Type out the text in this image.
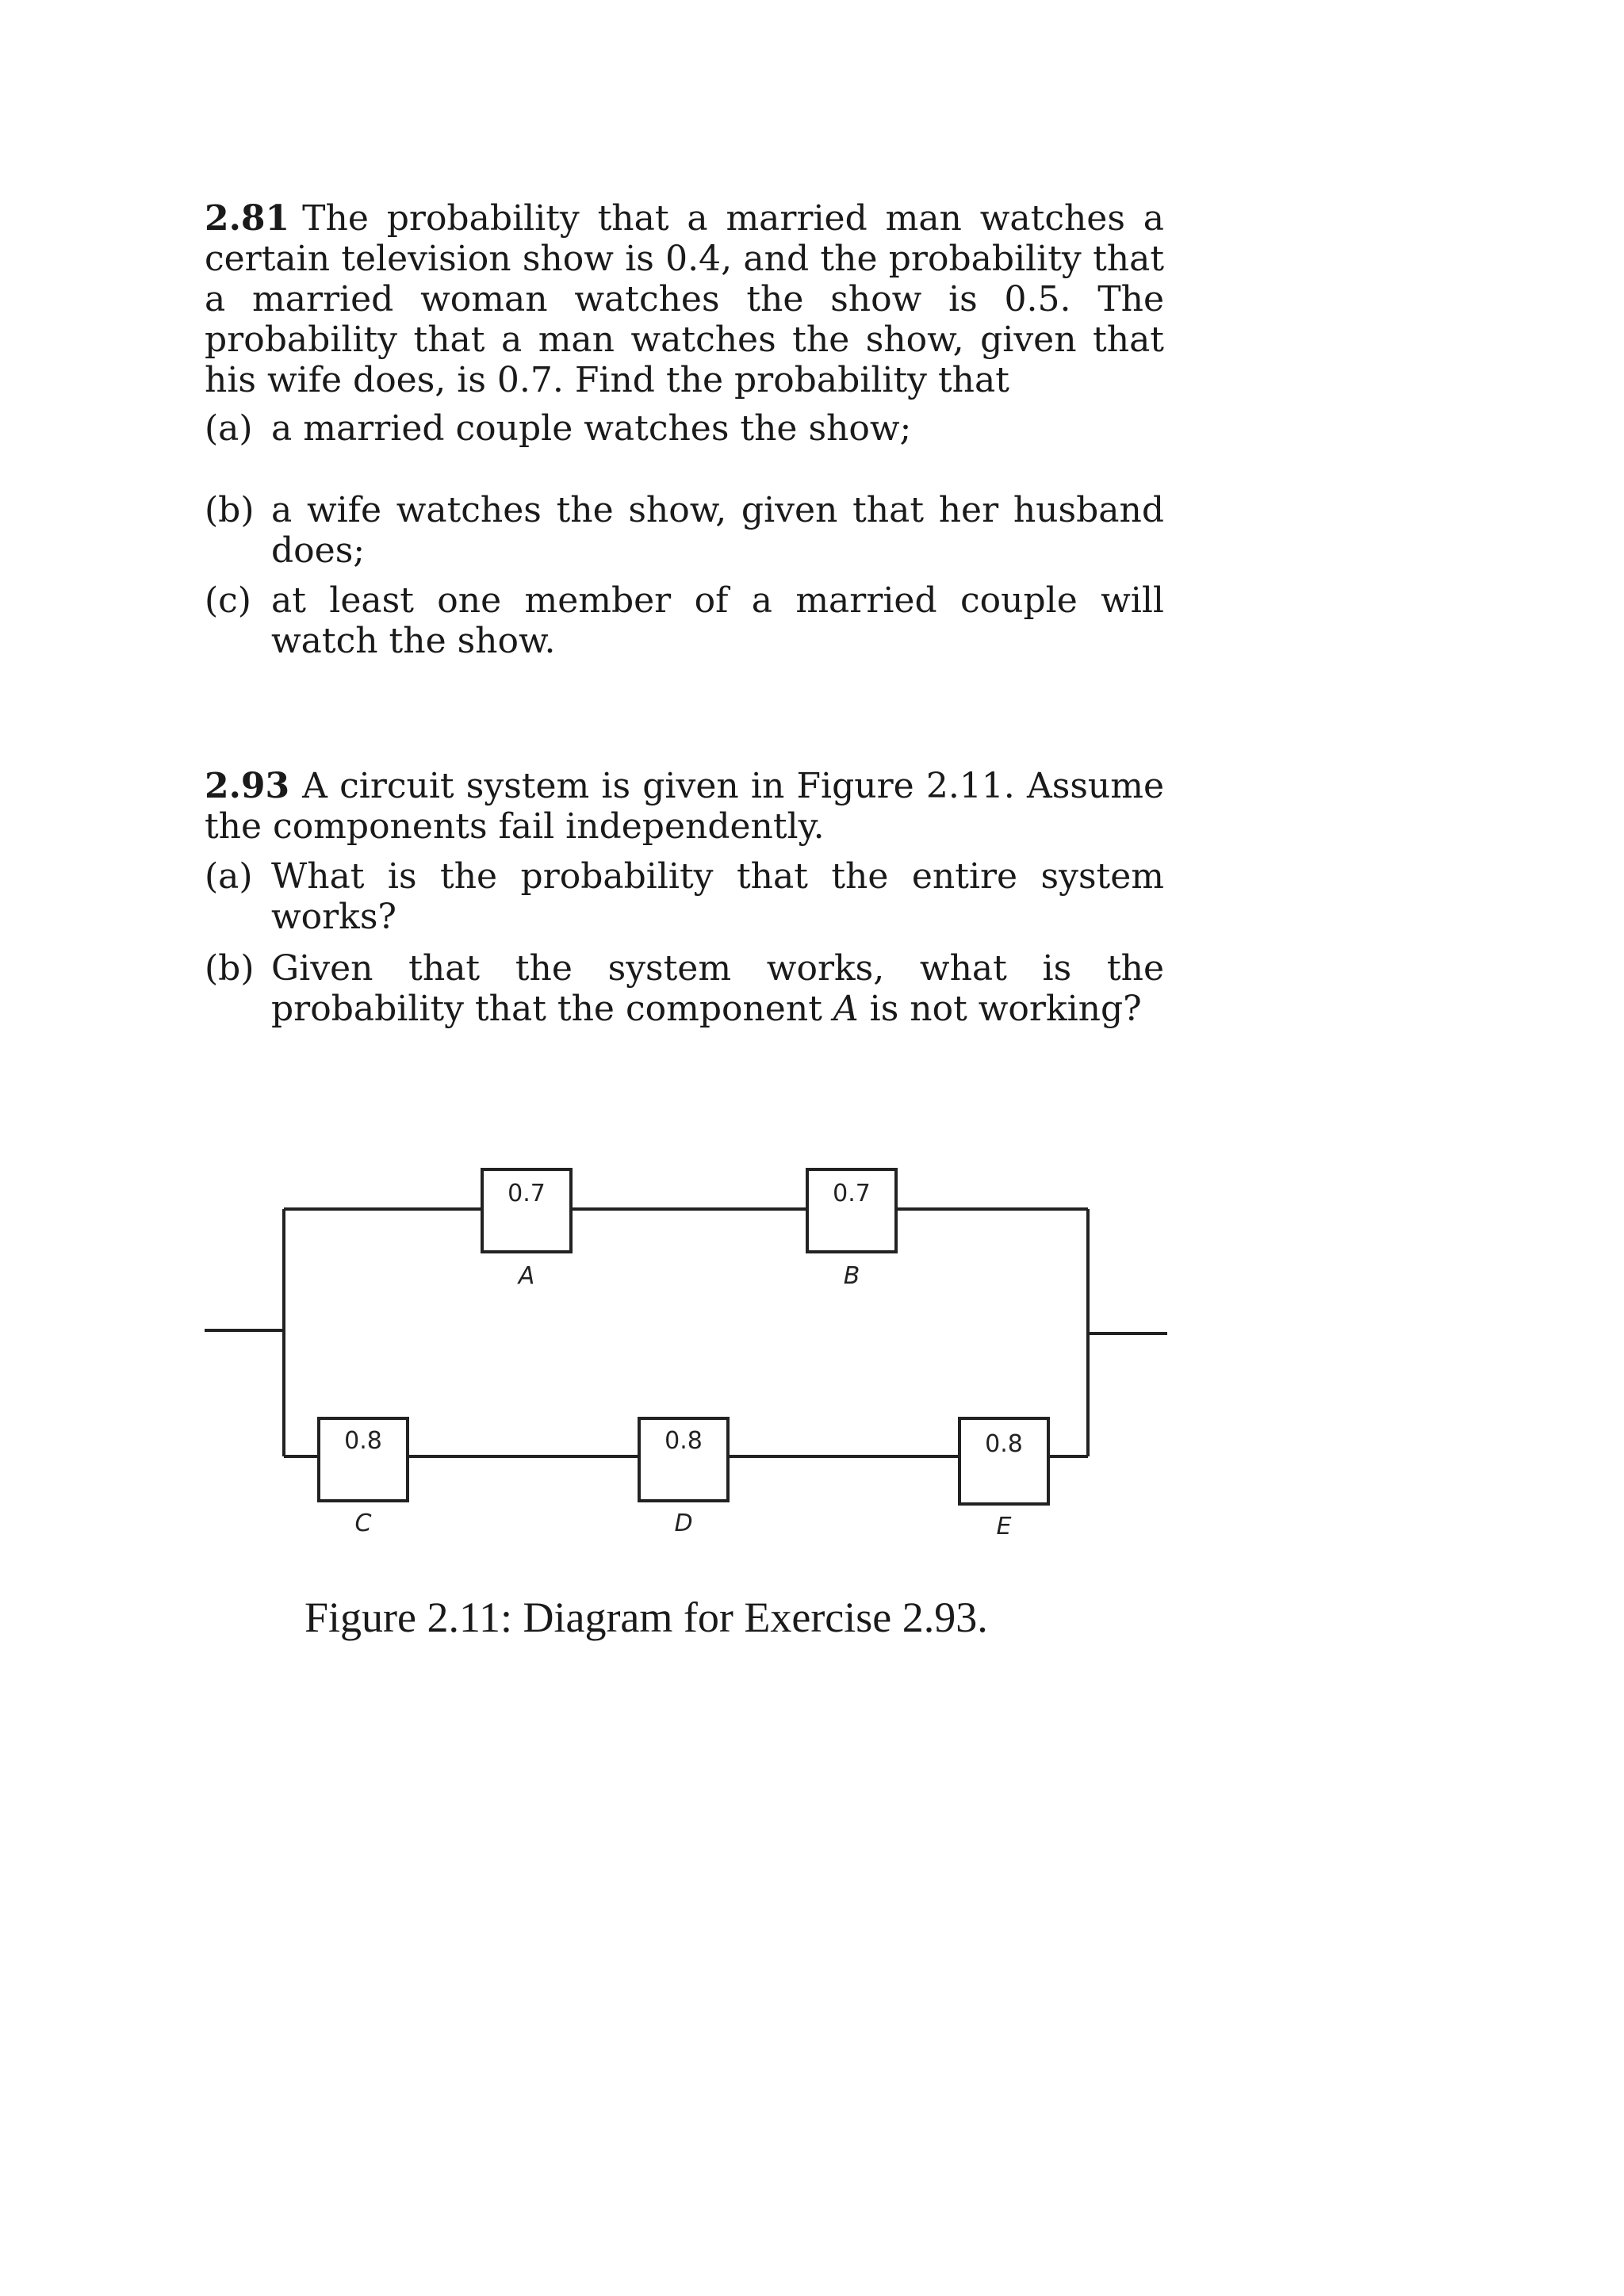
2.81 The probability that a married man watches a certain television show is 0.4, and the probability that a married woman watches the show is 0.5. The probability that a man watches the show, given that his wife does, is 0.7. Find the probability that

(a) a married couple watches the show;

(b) a wife watches the show, given that her husband does;

(c) at least one member of a married couple will watch the show.

2.93 A circuit system is given in Figure 2.11. Assume the components fail independently.

(a) What is the probability that the entire system works?

(b) Given that the system works, what is the probability that the component A is not working?

0.7
A
0.7
B
0.8
C
0.8
D
0.8
E
Figure 2.11: Diagram for Exercise 2.93.
